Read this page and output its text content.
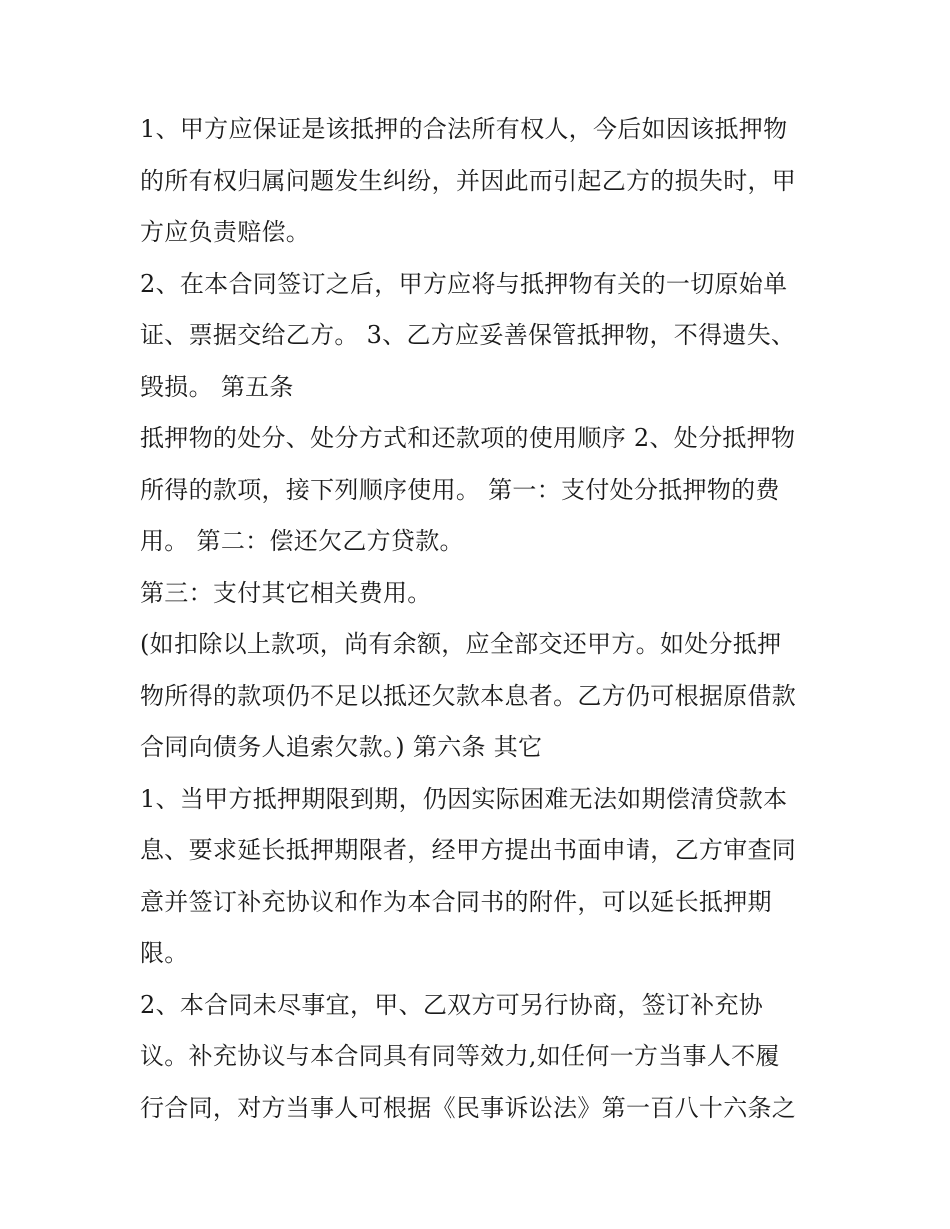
1、甲方应保证是该抵押的合法所有权人，今后如因该抵押物
的所有权归属问题发生纠纷，并因此而引起乙方的损失时，甲
方应负责赔偿。
2、在本合同签订之后，甲方应将与抵押物有关的一切原始单
证、票据交给乙方。 3、乙方应妥善保管抵押物，不得遗失、
毁损。 第五条
抵押物的处分、处分方式和还款项的使用顺序 2、处分抵押物
所得的款项，接下列顺序使用。 第一：支付处分抵押物的费
用。 第二：偿还欠乙方贷款。
第三：支付其它相关费用。
(如扣除以上款项，尚有余额，应全部交还甲方。如处分抵押
物所得的款项仍不足以抵还欠款本息者。乙方仍可根据原借款
合同向债务人追索欠款。) 第六条 其它
1、当甲方抵押期限到期，仍因实际困难无法如期偿清贷款本
息、要求延长抵押期限者，经甲方提出书面申请，乙方审查同
意并签订补充协议和作为本合同书的附件，可以延长抵押期
限。
2、本合同未尽事宜，甲、乙双方可另行协商，签订补充协
议。补充协议与本合同具有同等效力,如任何一方当事人不履
行合同，对方当事人可根据《民事诉讼法》第一百八十六条之
